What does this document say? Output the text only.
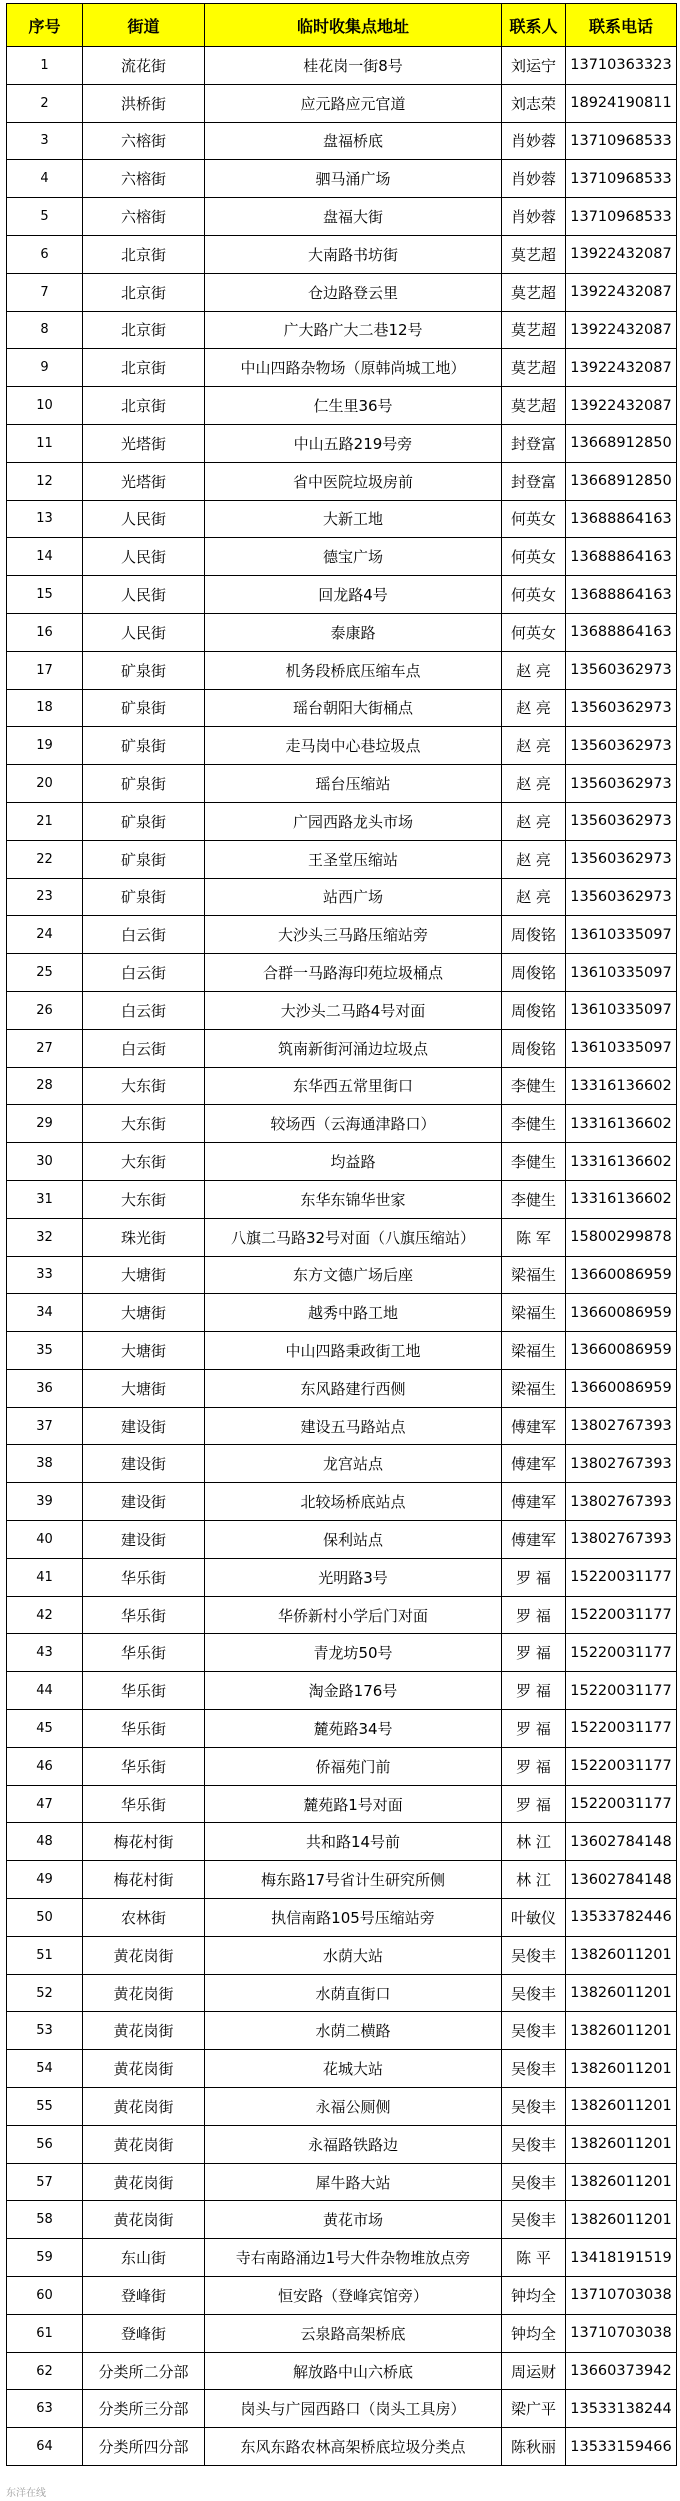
序号	街道	临时收集点地址	联系人	联系电话
1	流花街	桂花岗一街8号	刘运宁	13710363323
2	洪桥街	应元路应元官道	刘志荣	18924190811
3	六榕街	盘福桥底	肖妙蓉	13710968533
4	六榕街	驷马涌广场	肖妙蓉	13710968533
5	六榕街	盘福大街	肖妙蓉	13710968533
6	北京街	大南路书坊街	莫艺超	13922432087
7	北京街	仓边路登云里	莫艺超	13922432087
8	北京街	广大路广大二巷12号	莫艺超	13922432087
9	北京街	中山四路杂物场（原韩尚城工地）	莫艺超	13922432087
10	北京街	仁生里36号	莫艺超	13922432087
11	光塔街	中山五路219号旁	封登富	13668912850
12	光塔街	省中医院垃圾房前	封登富	13668912850
13	人民街	大新工地	何英女	13688864163
14	人民街	德宝广场	何英女	13688864163
15	人民街	回龙路4号	何英女	13688864163
16	人民街	泰康路	何英女	13688864163
17	矿泉街	机务段桥底压缩车点	赵 亮	13560362973
18	矿泉街	瑶台朝阳大街桶点	赵 亮	13560362973
19	矿泉街	走马岗中心巷垃圾点	赵 亮	13560362973
20	矿泉街	瑶台压缩站	赵 亮	13560362973
21	矿泉街	广园西路龙头市场	赵 亮	13560362973
22	矿泉街	王圣堂压缩站	赵 亮	13560362973
23	矿泉街	站西广场	赵 亮	13560362973
24	白云街	大沙头三马路压缩站旁	周俊铭	13610335097
25	白云街	合群一马路海印苑垃圾桶点	周俊铭	13610335097
26	白云街	大沙头二马路4号对面	周俊铭	13610335097
27	白云街	筑南新街河涌边垃圾点	周俊铭	13610335097
28	大东街	东华西五常里街口	李健生	13316136602
29	大东街	较场西（云海通津路口）	李健生	13316136602
30	大东街	均益路	李健生	13316136602
31	大东街	东华东锦华世家	李健生	13316136602
32	珠光街	八旗二马路32号对面（八旗压缩站）	陈 军	15800299878
33	大塘街	东方文德广场后座	梁福生	13660086959
34	大塘街	越秀中路工地	梁福生	13660086959
35	大塘街	中山四路秉政街工地	梁福生	13660086959
36	大塘街	东风路建行西侧	梁福生	13660086959
37	建设街	建设五马路站点	傅建军	13802767393
38	建设街	龙宫站点	傅建军	13802767393
39	建设街	北较场桥底站点	傅建军	13802767393
40	建设街	保利站点	傅建军	13802767393
41	华乐街	光明路3号	罗 福	15220031177
42	华乐街	华侨新村小学后门对面	罗 福	15220031177
43	华乐街	青龙坊50号	罗 福	15220031177
44	华乐街	淘金路176号	罗 福	15220031177
45	华乐街	麓苑路34号	罗 福	15220031177
46	华乐街	侨福苑门前	罗 福	15220031177
47	华乐街	麓苑路1号对面	罗 福	15220031177
48	梅花村街	共和路14号前	林 江	13602784148
49	梅花村街	梅东路17号省计生研究所侧	林 江	13602784148
50	农林街	执信南路105号压缩站旁	叶敏仪	13533782446
51	黄花岗街	水荫大站	吴俊丰	13826011201
52	黄花岗街	水荫直街口	吴俊丰	13826011201
53	黄花岗街	水荫二横路	吴俊丰	13826011201
54	黄花岗街	花城大站	吴俊丰	13826011201
55	黄花岗街	永福公厕侧	吴俊丰	13826011201
56	黄花岗街	永福路铁路边	吴俊丰	13826011201
57	黄花岗街	犀牛路大站	吴俊丰	13826011201
58	黄花岗街	黄花市场	吴俊丰	13826011201
59	东山街	寺右南路涌边1号大件杂物堆放点旁	陈 平	13418191519
60	登峰街	恒安路（登峰宾馆旁）	钟均全	13710703038
61	登峰街	云泉路高架桥底	钟均全	13710703038
62	分类所二分部	解放路中山六桥底	周运财	13660373942
63	分类所三分部	岗头与广园西路口（岗头工具房）	梁广平	13533138244
64	分类所四分部	东风东路农林高架桥底垃圾分类点	陈秋丽	13533159466
东洋在线
